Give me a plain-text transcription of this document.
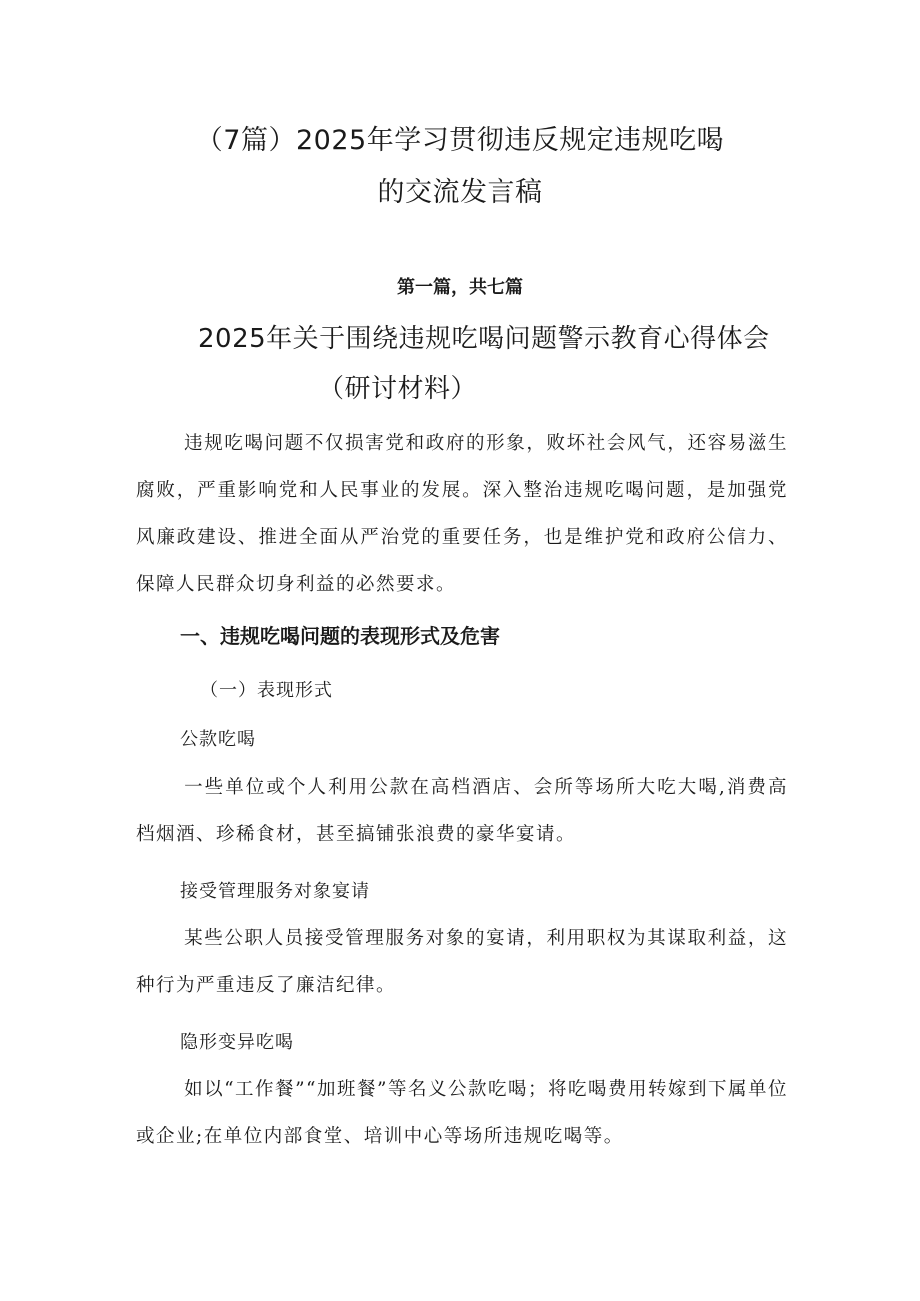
（7篇）2025年学习贯彻违反规定违规吃喝
的交流发言稿
第一篇，共七篇
2025年关于围绕违规吃喝问题警示教育心得体会
（研讨材料）

违规吃喝问题不仅损害党和政府的形象，败坏社会风气，还容易滋生腐败，严重影响党和人民事业的发展。深入整治违规吃喝问题，是加强党风廉政建设、推进全面从严治党的重要任务，也是维护党和政府公信力、保障人民群众切身利益的必然要求。

一、违规吃喝问题的表现形式及危害
（一）表现形式
公款吃喝

一些单位或个人利用公款在高档酒店、会所等场所大吃大喝,消费高档烟酒、珍稀食材，甚至搞铺张浪费的豪华宴请。

接受管理服务对象宴请

某些公职人员接受管理服务对象的宴请，利用职权为其谋取利益，这种行为严重违反了廉洁纪律。

隐形变异吃喝

如以“工作餐”“加班餐”等名义公款吃喝；将吃喝费用转嫁到下属单位或企业;在单位内部食堂、培训中心等场所违规吃喝等。
